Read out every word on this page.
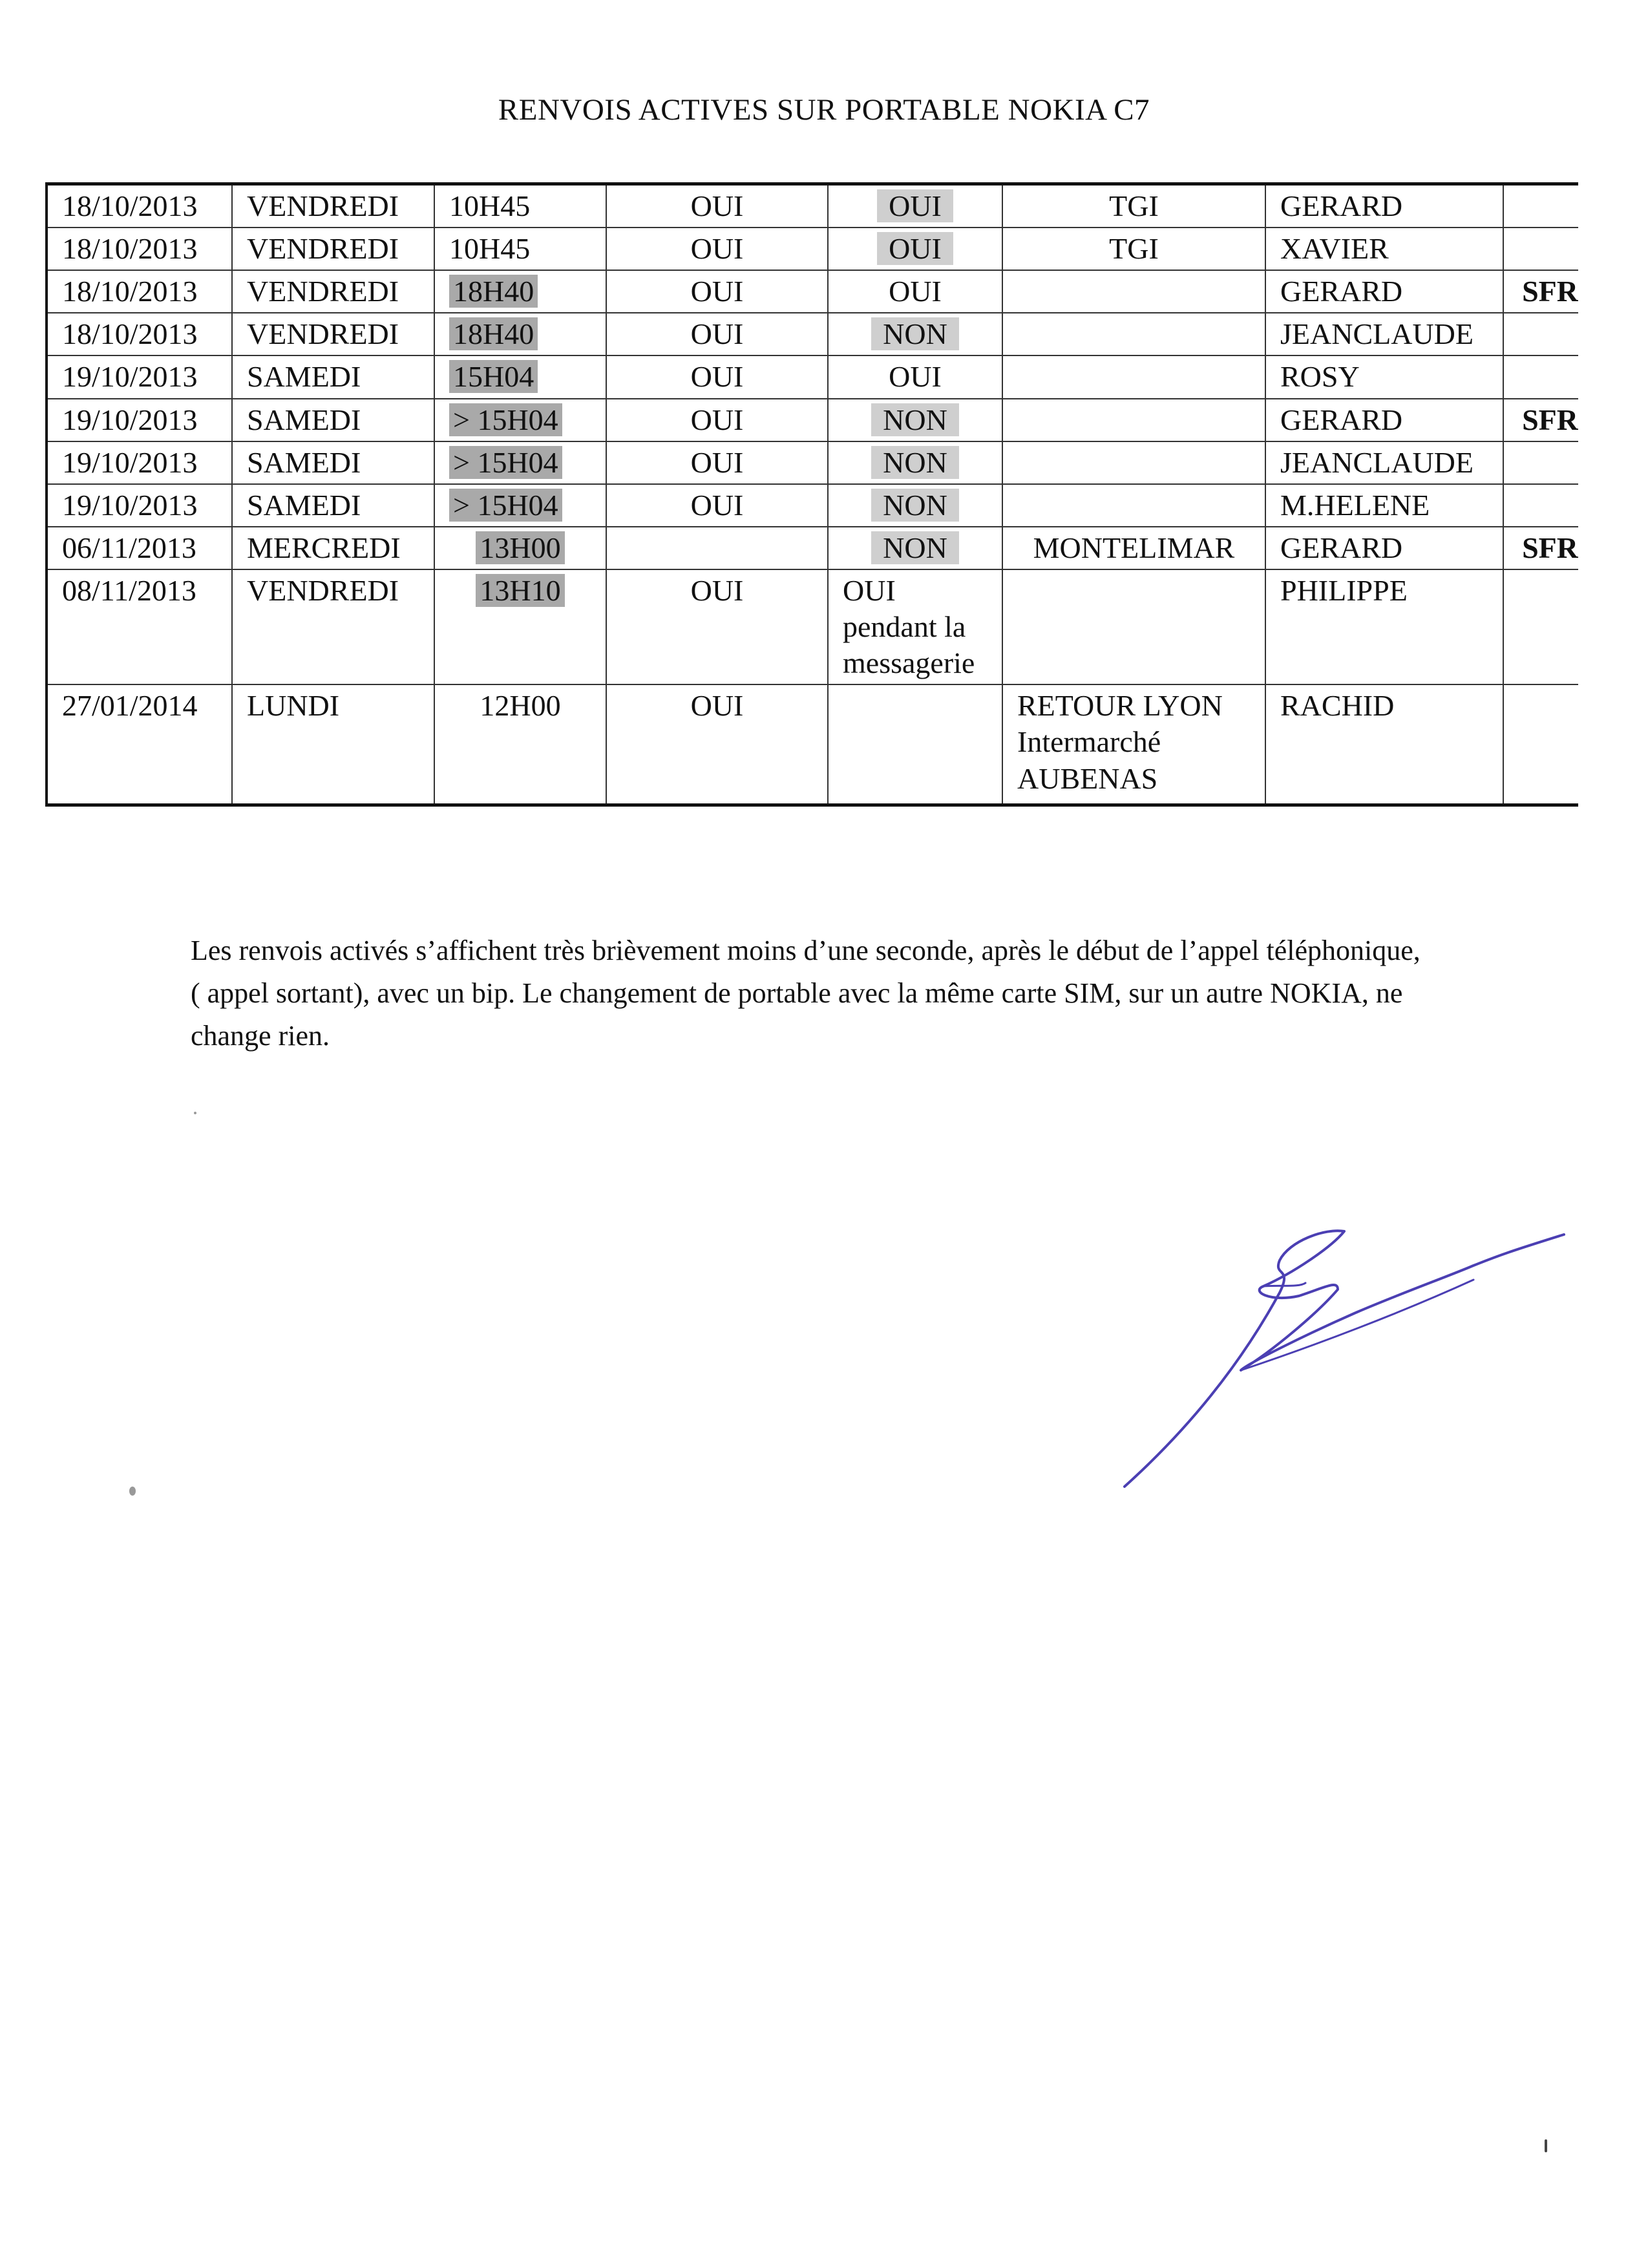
RENVOIS ACTIVES SUR PORTABLE NOKIA C7
18/10/2013	VENDREDI	10H45	OUI	OUI	TGI	GERARD	
18/10/2013	VENDREDI	10H45	OUI	OUI	TGI	XAVIER	
18/10/2013	VENDREDI	18H40	OUI	OUI		GERARD	SFR
18/10/2013	VENDREDI	18H40	OUI	NON		JEANCLAUDE	
19/10/2013	SAMEDI	15H04	OUI	OUI		ROSY	
19/10/2013	SAMEDI	> 15H04	OUI	NON		GERARD	SFR
19/10/2013	SAMEDI	> 15H04	OUI	NON		JEANCLAUDE	
19/10/2013	SAMEDI	> 15H04	OUI	NON		M.HELENE	
06/11/2013	MERCREDI	13H00		NON	MONTELIMAR	GERARD	SFR
08/11/2013	VENDREDI	13H10	OUI	OUI
pendant la
messagerie		PHILIPPE	
27/01/2014	LUNDI	12H00	OUI		RETOUR LYON
Intermarché
AUBENAS	RACHID	
Les renvois activés s’affichent très brièvement moins d’une seconde, après le début de l’appel téléphonique, ( appel sortant), avec un bip. Le changement de portable avec la même carte SIM, sur un autre NOKIA, ne change rien.
